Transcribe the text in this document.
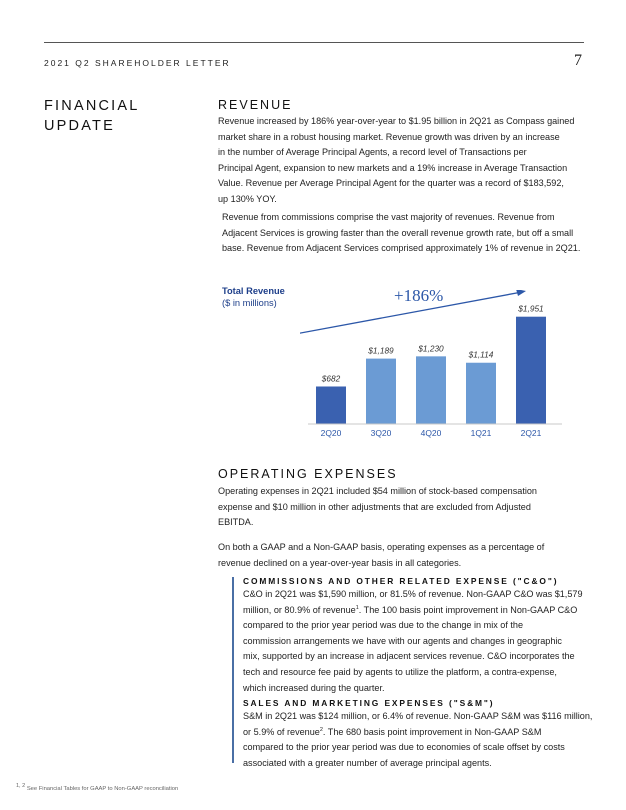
2021 Q2 SHAREHOLDER LETTER	7
FINANCIAL
UPDATE
REVENUE
Revenue increased by 186% year-over-year to $1.95 billion in 2Q21 as Compass gained
market share in a robust housing market. Revenue growth was driven by an increase
in the number of Average Principal Agents, a record level of Transactions per
Principal Agent, expansion to new markets and a 19% increase in Average Transaction
Value. Revenue per Average Principal Agent for the quarter was a record of $183,592,
up 130% YOY.
Revenue from commissions comprise the vast majority of revenues. Revenue from
Adjacent Services is growing faster than the overall revenue growth rate, but off a small
base. Revenue from Adjacent Services comprised approximately 1% of revenue in 2Q21.
Total Revenue
($ in millions)	+186%
$682
$1,189	$1,230
$1,114
$1,951
2Q20	3Q20	4Q20	1Q21	2Q21
OPERATING EXPENSES
Operating expenses in 2Q21 included $54 million of stock-based compensation
expense and $10 million in other adjustments that are excluded from Adjusted
EBITDA.
On both a GAAP and a Non-GAAP basis, operating expenses as a percentage of
revenue declined on a year-over-year basis in all categories.
COMMISSIONS AND OTHER RELATED EXPENSE ("C&O")
C&O in 2Q21 was $1,590 million, or 81.5% of revenue. Non-GAAP C&O was $1,579
million, or 80.9% of revenue$^1$. The 100 basis point improvement in Non-GAAP C&O
compared to the prior year period was due to the change in mix of the
commission arrangements we have with our agents and changes in geographic
mix, supported by an increase in adjacent services revenue. C&O incorporates the
tech and resource fee paid by agents to utilize the platform, a contra-expense,
which increased during the quarter.
SALES AND MARKETING EXPENSES ("S&M")
S&M in 2Q21 was $124 million, or 6.4% of revenue. Non-GAAP S&M was $116 million,
or 5.9% of revenue$^2$. The 680 basis point improvement in Non-GAAP S&M
compared to the prior year period was due to economies of scale offset by costs
associated with a greater number of average principal agents.
$^{1, 2}$ See Financial Tables for GAAP to Non-GAAP reconciliation
